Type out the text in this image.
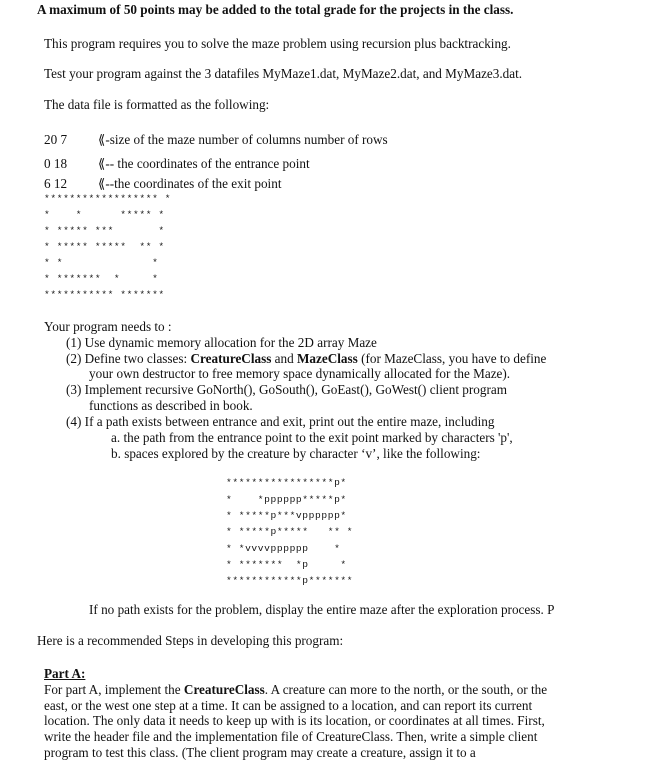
A maximum of 50 points may be added to the total grade for the projects in the class.
This program requires you to solve the maze problem using recursion plus backtracking.
Test your program against the 3 datafiles MyMaze1.dat, MyMaze2.dat, and MyMaze3.dat.
The data file is formatted as the following:
20 7 ⟪-size of the maze number of columns number of rows
0 18 ⟪-- the coordinates of the entrance point
6 12 ⟪--the coordinates of the exit point
****************** *
*    *      ***** *
* ***** ***       *
* ***** *****  ** *
* *              *
* *******  *     *
*********** *******
Your program needs to :
(1) Use dynamic memory allocation for the 2D array Maze
(2) Define two classes: CreatureClass and MazeClass (for MazeClass, you have to define
your own destructor to free memory space dynamically allocated for the Maze).
(3) Implement recursive GoNorth(), GoSouth(), GoEast(), GoWest() client program
functions as described in book.
(4) If a path exists between entrance and exit, print out the entire maze, including
a. the path from the entrance point to the exit point marked by characters 'p',
b. spaces explored by the creature by character ‘v’, like the following:
*****************p*
*    *pppppp*****p*
* *****p***vpppppp*
* *****p*****   ** *
* *vvvvpppppp    *
* *******  *p     *
************p*******
If no path exists for the problem, display the entire maze after the exploration process. P
Here is a recommended Steps in developing this program:
Part A:
For part A, implement the CreatureClass. A creature can more to the north, or the south, or the
east, or the west one step at a time. It can be assigned to a location, and can report its current
location. The only data it needs to keep up with is its location, or coordinates at all times. First,
write the header file and the implementation file of CreatureClass. Then, write a simple client
program to test this class. (The client program may create a creature, assign it to a
